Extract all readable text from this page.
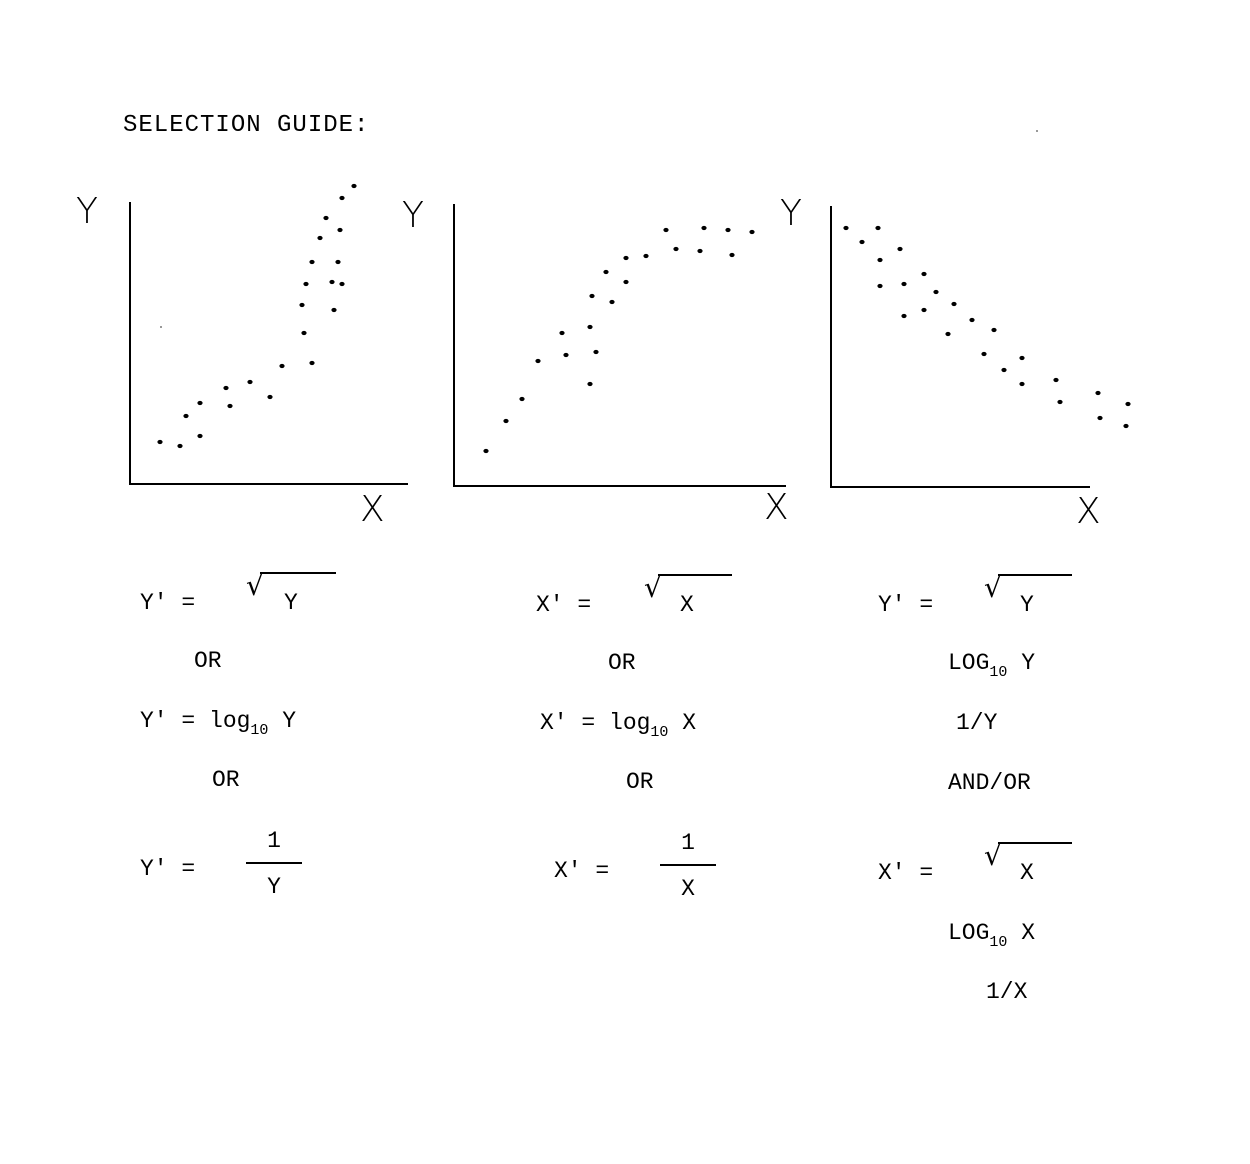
SELECTION GUIDE:
Y
X
Y
X
Y
X
Y' =
√
Y
OR
$Y' = \log_{10} Y$
OR
Y' =
1
Y
X' =
√
X
OR
$X' = \log_{10} X$
OR
X' =
1
X
Y' =
√
Y
$LOG_{10}$ Y
1/Y
AND/OR
X' =
√
X
$LOG_{10}$ X
1/X
